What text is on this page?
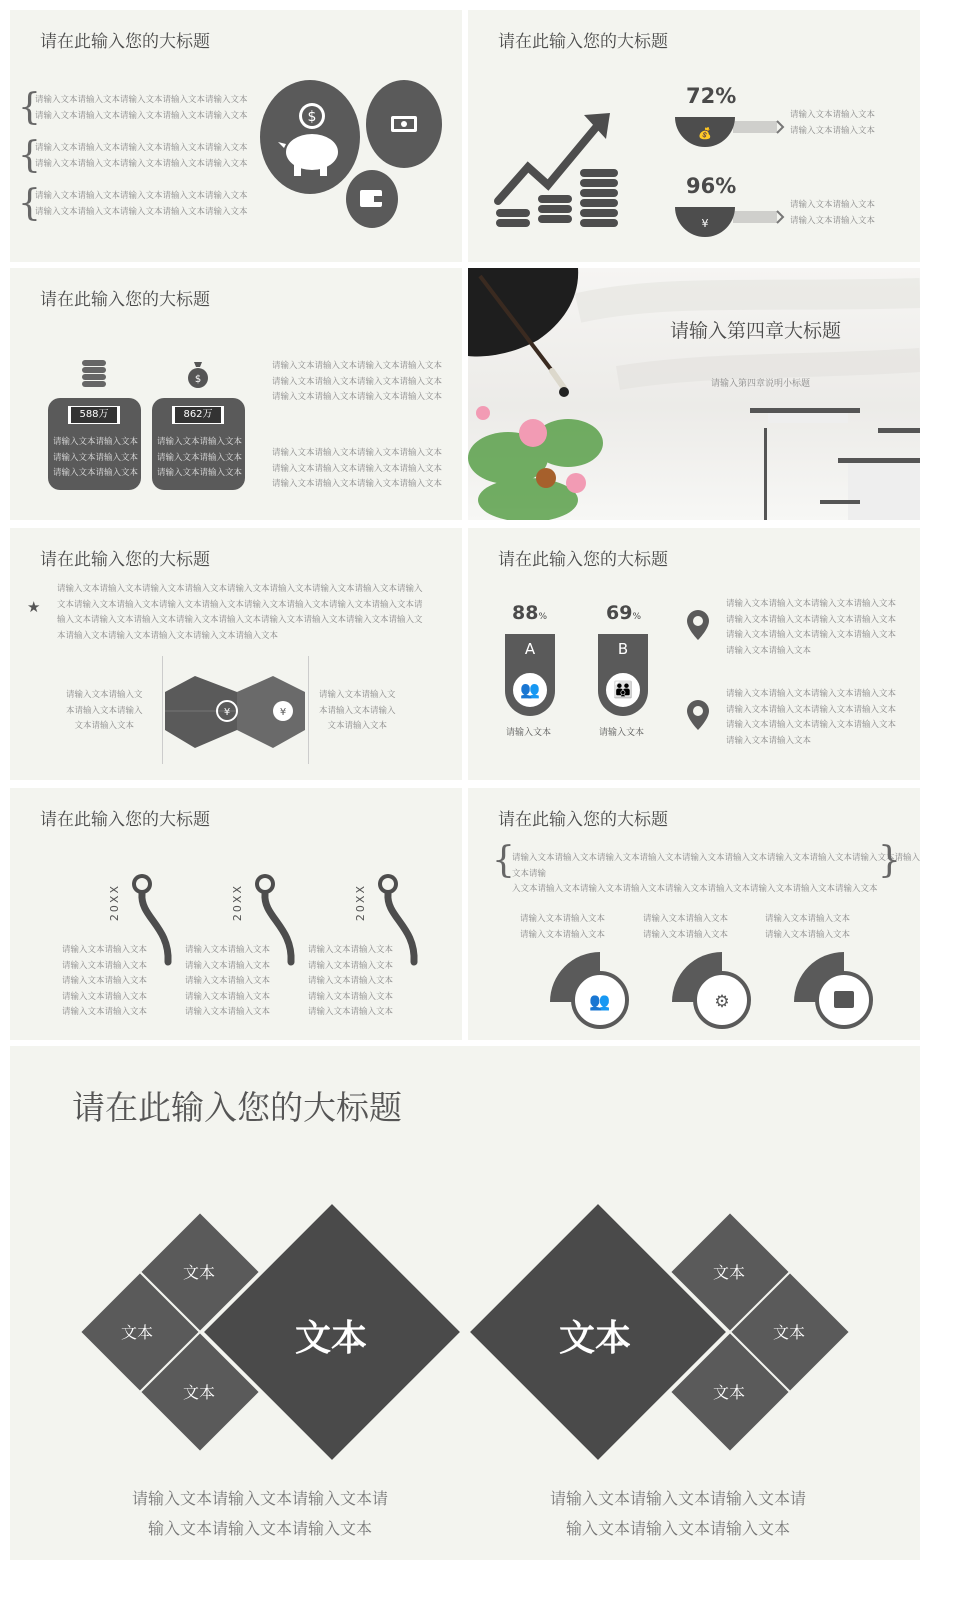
请在此输入您的大标题
{
请输入文本请输入文本请输入文本请输入文本请输入文本
请输入文本请输入文本请输入文本请输入文本请输入文本
{
请输入文本请输入文本请输入文本请输入文本请输入文本
请输入文本请输入文本请输入文本请输入文本请输入文本
{
请输入文本请输入文本请输入文本请输入文本请输入文本
请输入文本请输入文本请输入文本请输入文本请输入文本
$
请在此输入您的大标题
72%
💰
请输入文本请输入文本
请输入文本请输入文本
96%
¥
请输入文本请输入文本
请输入文本请输入文本
请在此输入您的大标题
$
588万
请输入文本请输入文本
请输入文本请输入文本
请输入文本请输入文本
862万
请输入文本请输入文本
请输入文本请输入文本
请输入文本请输入文本
请输入文本请输入文本请输入文本请输入文本
请输入文本请输入文本请输入文本请输入文本
请输入文本请输入文本请输入文本请输入文本
请输入文本请输入文本请输入文本请输入文本
请输入文本请输入文本请输入文本请输入文本
请输入文本请输入文本请输入文本请输入文本
请输入第四章大标题
请输入第四章说明小标题
请在此输入您的大标题
★
请输入文本请输入文本请输入文本请输入文本请输入文本请输入文本请输入文本请输入文本请输入文本请输入文本请输入文本请输入文本请输入文本请输入文本请输入文本请输入文本请输入文本请输入文本请输入文本请输入文本请输入文本请输入文本请输入文本请输入文本请输入文本请输入文本请输入文本请输入文本请输入文本请输入文本请输入文本
请输入文本请输入文
本请输入文本请输入
文本请输入文本
请输入文本请输入文
本请输入文本请输入
文本请输入文本
¥	¥
请在此输入您的大标题
88%	69%
A
👥
B
👪
请输入文本	请输入文本
请输入文本请输入文本请输入文本请输入文本
请输入文本请输入文本请输入文本请输入文本
请输入文本请输入文本请输入文本请输入文本
请输入文本请输入文本
请输入文本请输入文本请输入文本请输入文本
请输入文本请输入文本请输入文本请输入文本
请输入文本请输入文本请输入文本请输入文本
请输入文本请输入文本
请在此输入您的大标题
20XX
请输入文本请输入文本
请输入文本请输入文本
请输入文本请输入文本
请输入文本请输入文本
请输入文本请输入文本
20XX
请输入文本请输入文本
请输入文本请输入文本
请输入文本请输入文本
请输入文本请输入文本
请输入文本请输入文本
20XX
请输入文本请输入文本
请输入文本请输入文本
请输入文本请输入文本
请输入文本请输入文本
请输入文本请输入文本
请在此输入您的大标题
{
请输入文本请输入文本请输入文本请输入文本请输入文本请输入文本请输入文本请输入文本请输入文本请输入文本请输
入文本请输入文本请输入文本请输入文本请输入文本请输入文本请输入文本请输入文本请输入文本
}
请输入文本请输入文本
请输入文本请输入文本
请输入文本请输入文本
请输入文本请输入文本
请输入文本请输入文本
请输入文本请输入文本
👥	⚙
请在此输入您的大标题
文本
文本
文本
文本	文本
文本
文本
文本
请输入文本请输入文本请输入文本请
输入文本请输入文本请输入文本
请输入文本请输入文本请输入文本请
输入文本请输入文本请输入文本
